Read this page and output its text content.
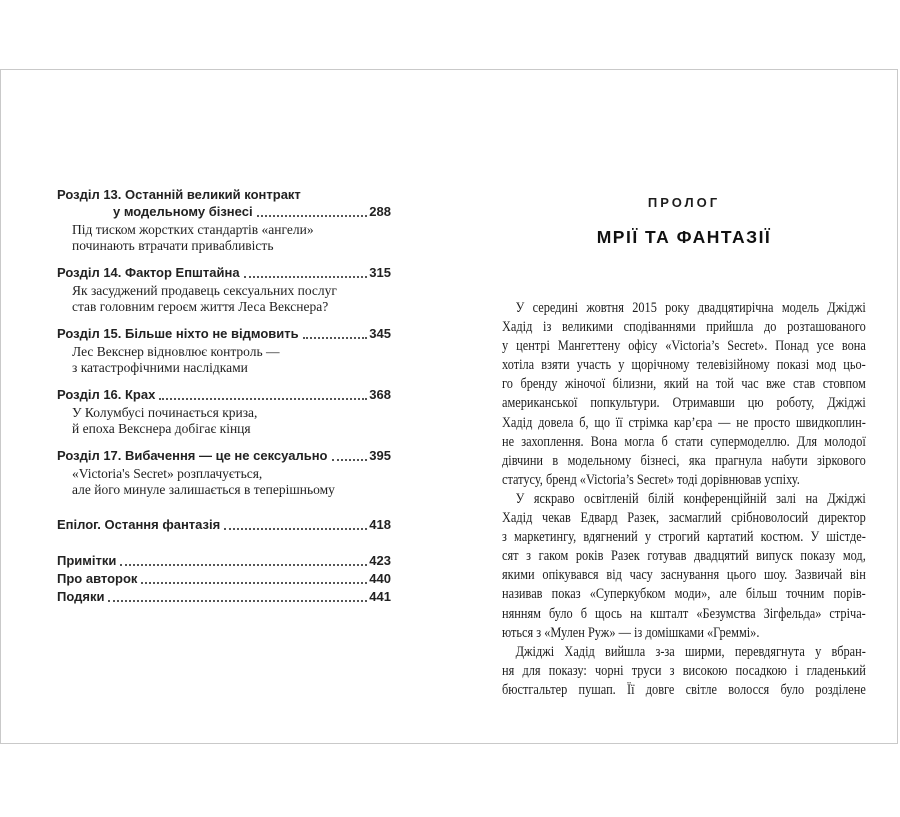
Розділ 13. Останній великий контракт
у модельному бізнесі	288
Під тиском жорстких стандартів «ангели»
починають втрачати привабливість
Розділ 14. Фактор Епштайна	315
Як засуджений продавець сексуальних послуг
став головним героєм життя Леса Векснера?
Розділ 15. Більше ніхто не відмовить	345
Лес Векснер відновлює контроль —
з катастрофічними наслідками
Розділ 16. Крах	368
У Колумбусі починається криза,
й епоха Векснера добігає кінця
Розділ 17. Вибачення — це не сексуально	395
«Victoria's Secret» розплачується,
але його минуле залишається в теперішньому
Епілог. Остання фантазія	418
Примітки	423
Про авторок	440
Подяки	441
ПРОЛОГ
МРІЇ ТА ФАНТАЗІЇ
У середині жовтня 2015 року двадцятирічна модель Джіджі
Хадід із великими сподіваннями прийшла до розташованого
у центрі Мангеттену офісу «Victoria’s Secret». Понад усе вона
хотіла взяти участь у щорічному телевізійному показі мод цьо-
го бренду жіночої білизни, який на той час вже став стовпом
американської попкультури. Отримавши цю роботу, Джіджі
Хадід довела б, що її стрімка кар’єра — не просто швидкоплин-
не захоплення. Вона могла б стати супермоделлю. Для молодої
дівчини в модельному бізнесі, яка прагнула набути зіркового
статусу, бренд «Victoria’s Secret» тоді дорівнював успіху.
У яскраво освітленій білій конференційній залі на Джіджі
Хадід чекав Едвард Разек, засмаглий срібноволосий директор
з маркетингу, вдягнений у строгий картатий костюм. У шістде-
сят з гаком років Разек готував двадцятий випуск показу мод,
якими опікувався від часу заснування цього шоу. Зазвичай він
називав показ «Суперкубком моди», але більш точним порів-
нянням було б щось на кшталт «Безумства Зігфельда» стріча-
ються з «Мулен Руж» — із домішками «Греммі».
Джіджі Хадід вийшла з-за ширми, перевдягнута у вбран-
ня для показу: чорні труси з високою посадкою і гладенький
бюстгальтер пушап. Її довге світле волосся було розділене
